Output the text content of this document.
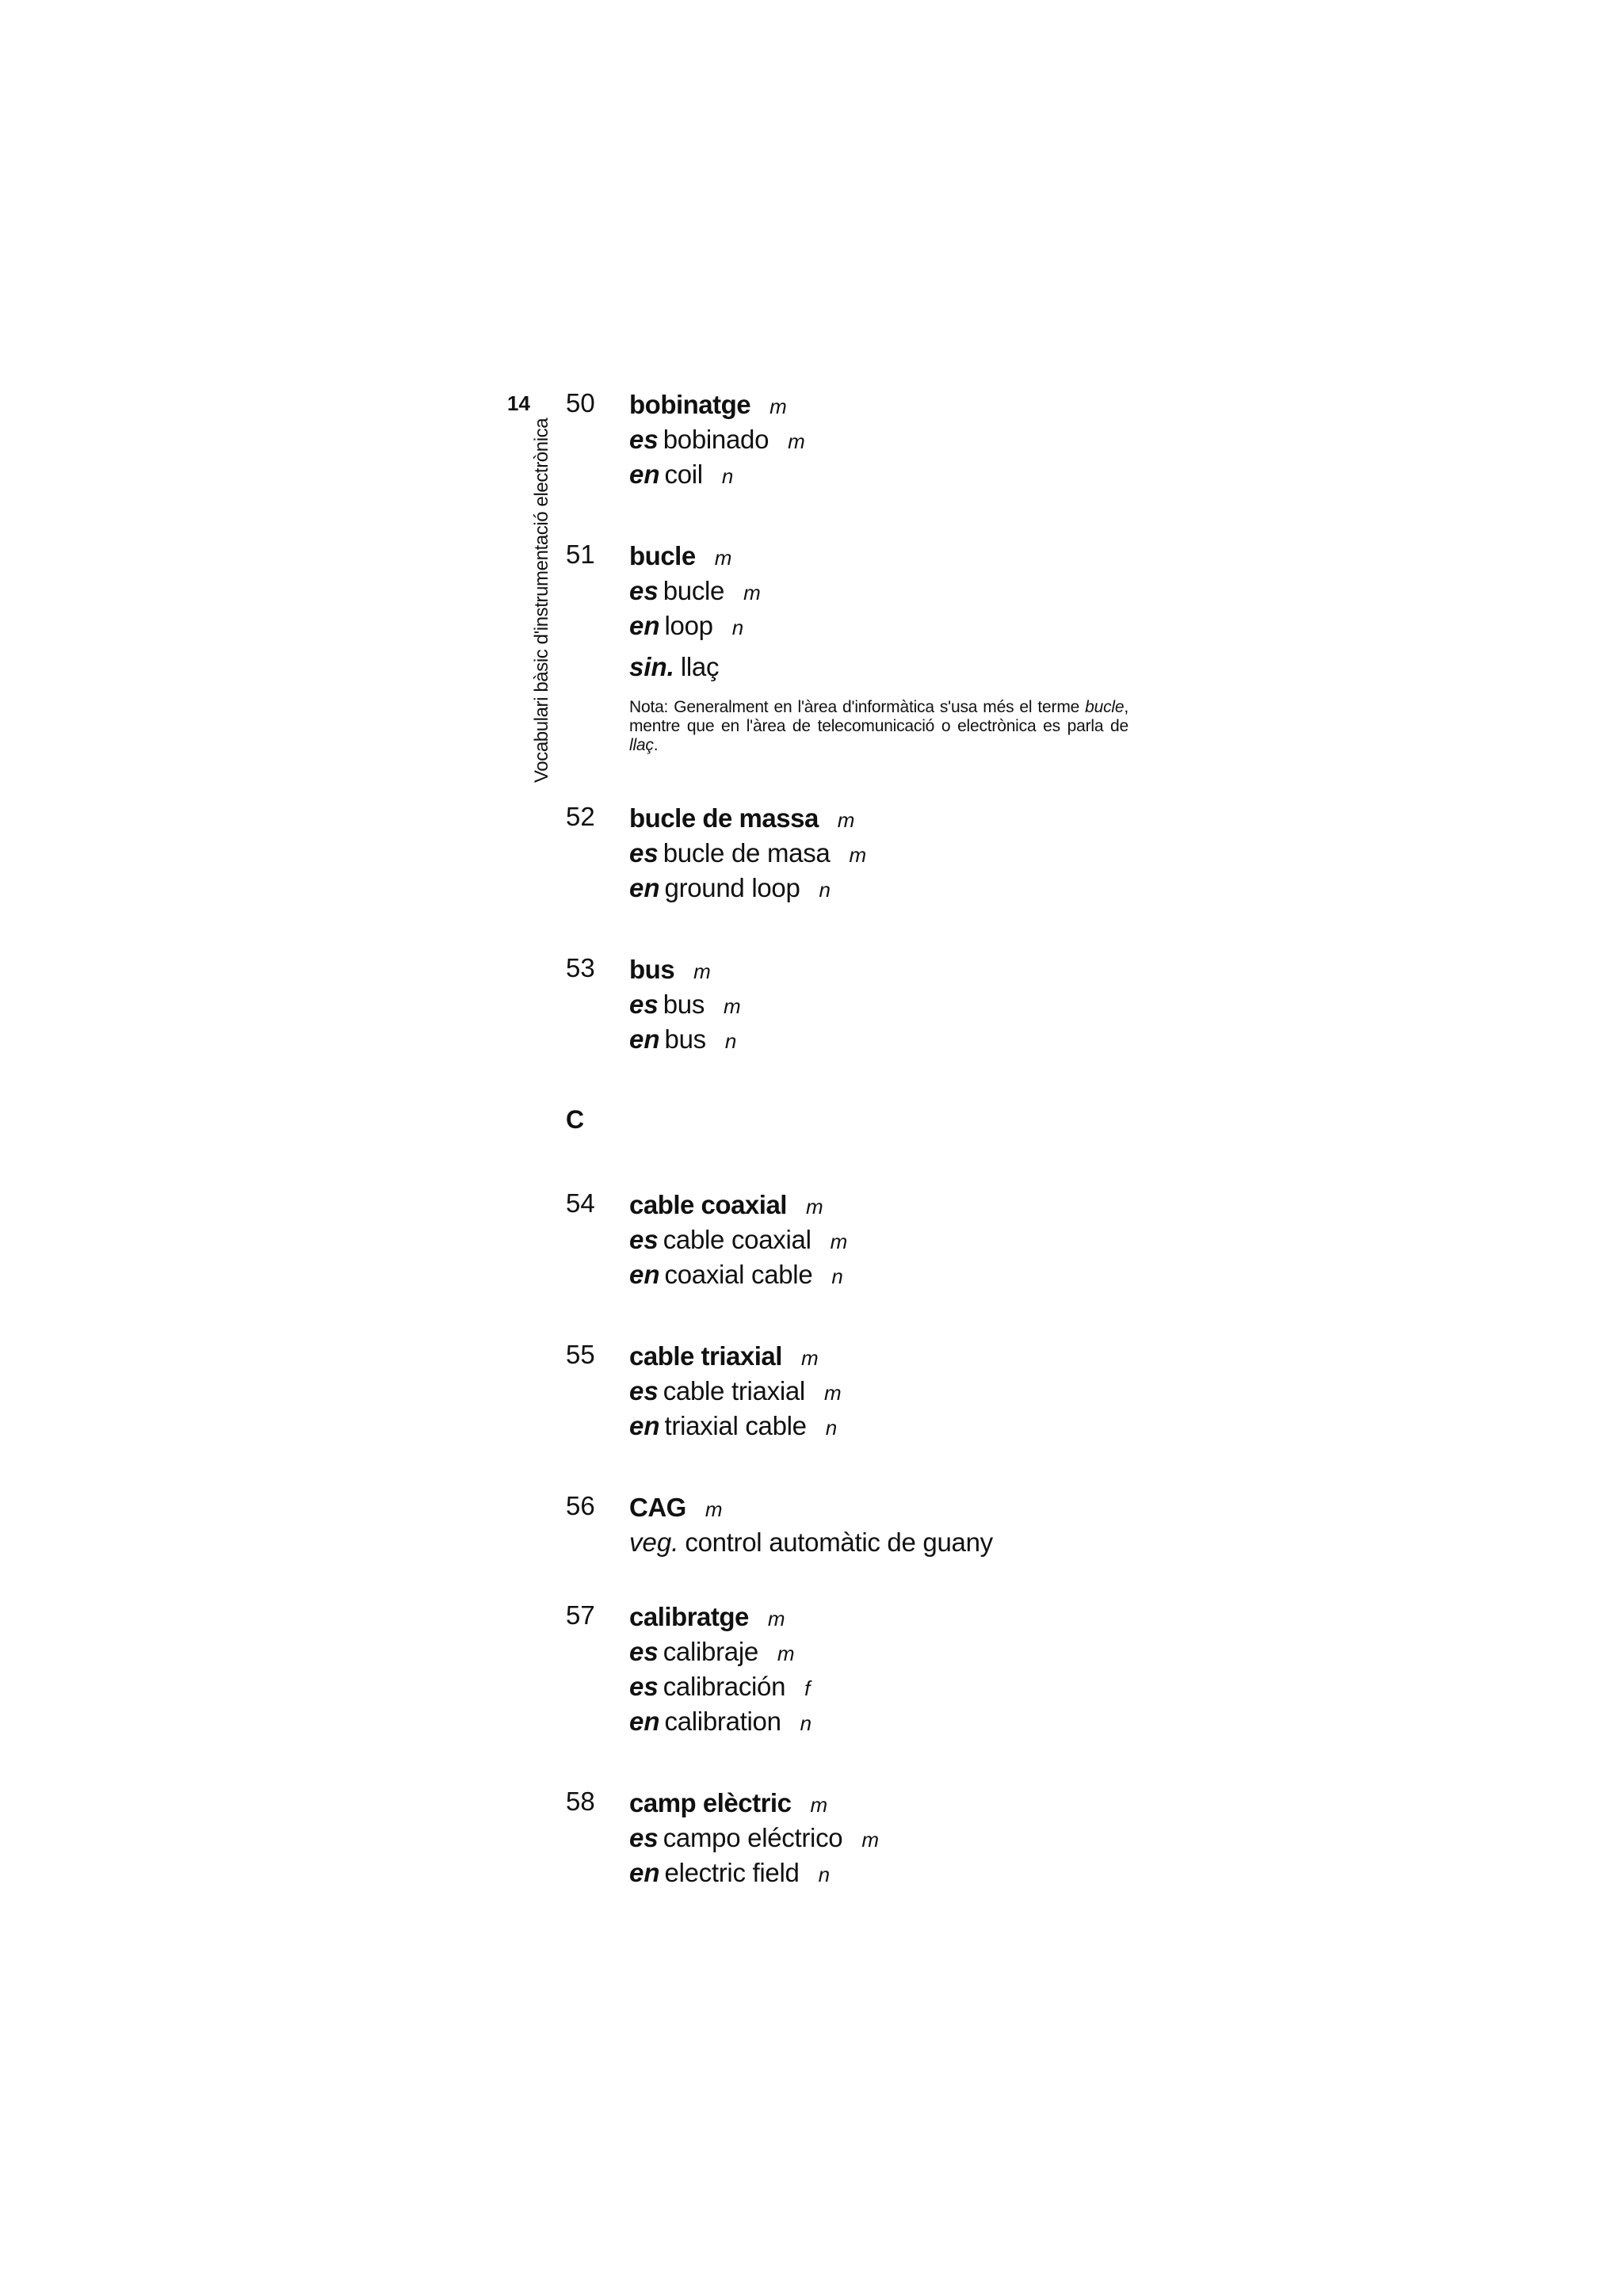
14
Vocabulari bàsic d'instrumentació electrònica
50 bobinatge m
es bobinado m
en coil n
51 bucle m
es bucle m
en loop n
sin. llaç
Nota: Generalment en l'àrea d'informàtica s'usa més el terme bucle, mentre que en l'àrea de telecomunicació o electrònica es parla de llaç.
52 bucle de massa m
es bucle de masa m
en ground loop n
53 bus m
es bus m
en bus n
C
54 cable coaxial m
es cable coaxial m
en coaxial cable n
55 cable triaxial m
es cable triaxial m
en triaxial cable n
56 CAG m
veg. control automàtic de guany
57 calibratge m
es calibraje m
es calibración f
en calibration n
58 camp elèctric m
es campo eléctrico m
en electric field n
